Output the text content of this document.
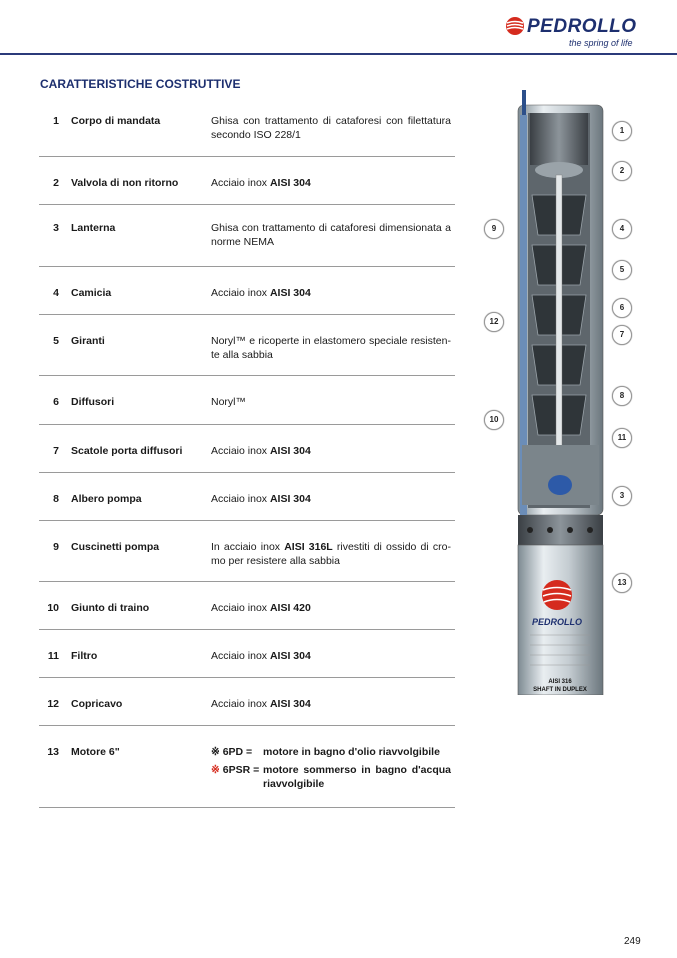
PEDROLLO
the spring of life
CARATTERISTICHE COSTRUTTIVE
1 Corpo di mandata	Ghisa con trattamento di cataforesi con filettatura secondo ISO 228/1
2 Valvola di non ritorno	Acciaio inox AISI 304
3 Lanterna	Ghisa con trattamento di cataforesi dimensionata a norme NEMA
4 Camicia	Acciaio inox AISI 304
5 Giranti	Noryl™ e ricoperte in elastomero speciale resisten-te alla sabbia
6 Diffusori	Noryl™
7 Scatole porta diffusori	Acciaio inox AISI 304
8 Albero pompa	Acciaio inox AISI 304
9 Cuscinetti pompa	In acciaio inox AISI 316L rivestiti di ossido di cro-mo per resistere alla sabbia
10 Giunto di traino	Acciaio inox AISI 420
11 Filtro	Acciaio inox AISI 304
12 Copricavo	Acciaio inox AISI 304
13 Motore 6"	※ 6PD =	motore in bagno d'olio riavvolgibile
※ 6PSR = motore sommerso in bagno d'acqua riavvolgibile
PEDROLLO
AISI 316
SHAFT IN DUPLEX
1
2
9	4
5
12
6
7
8
10
11
3
13
249
